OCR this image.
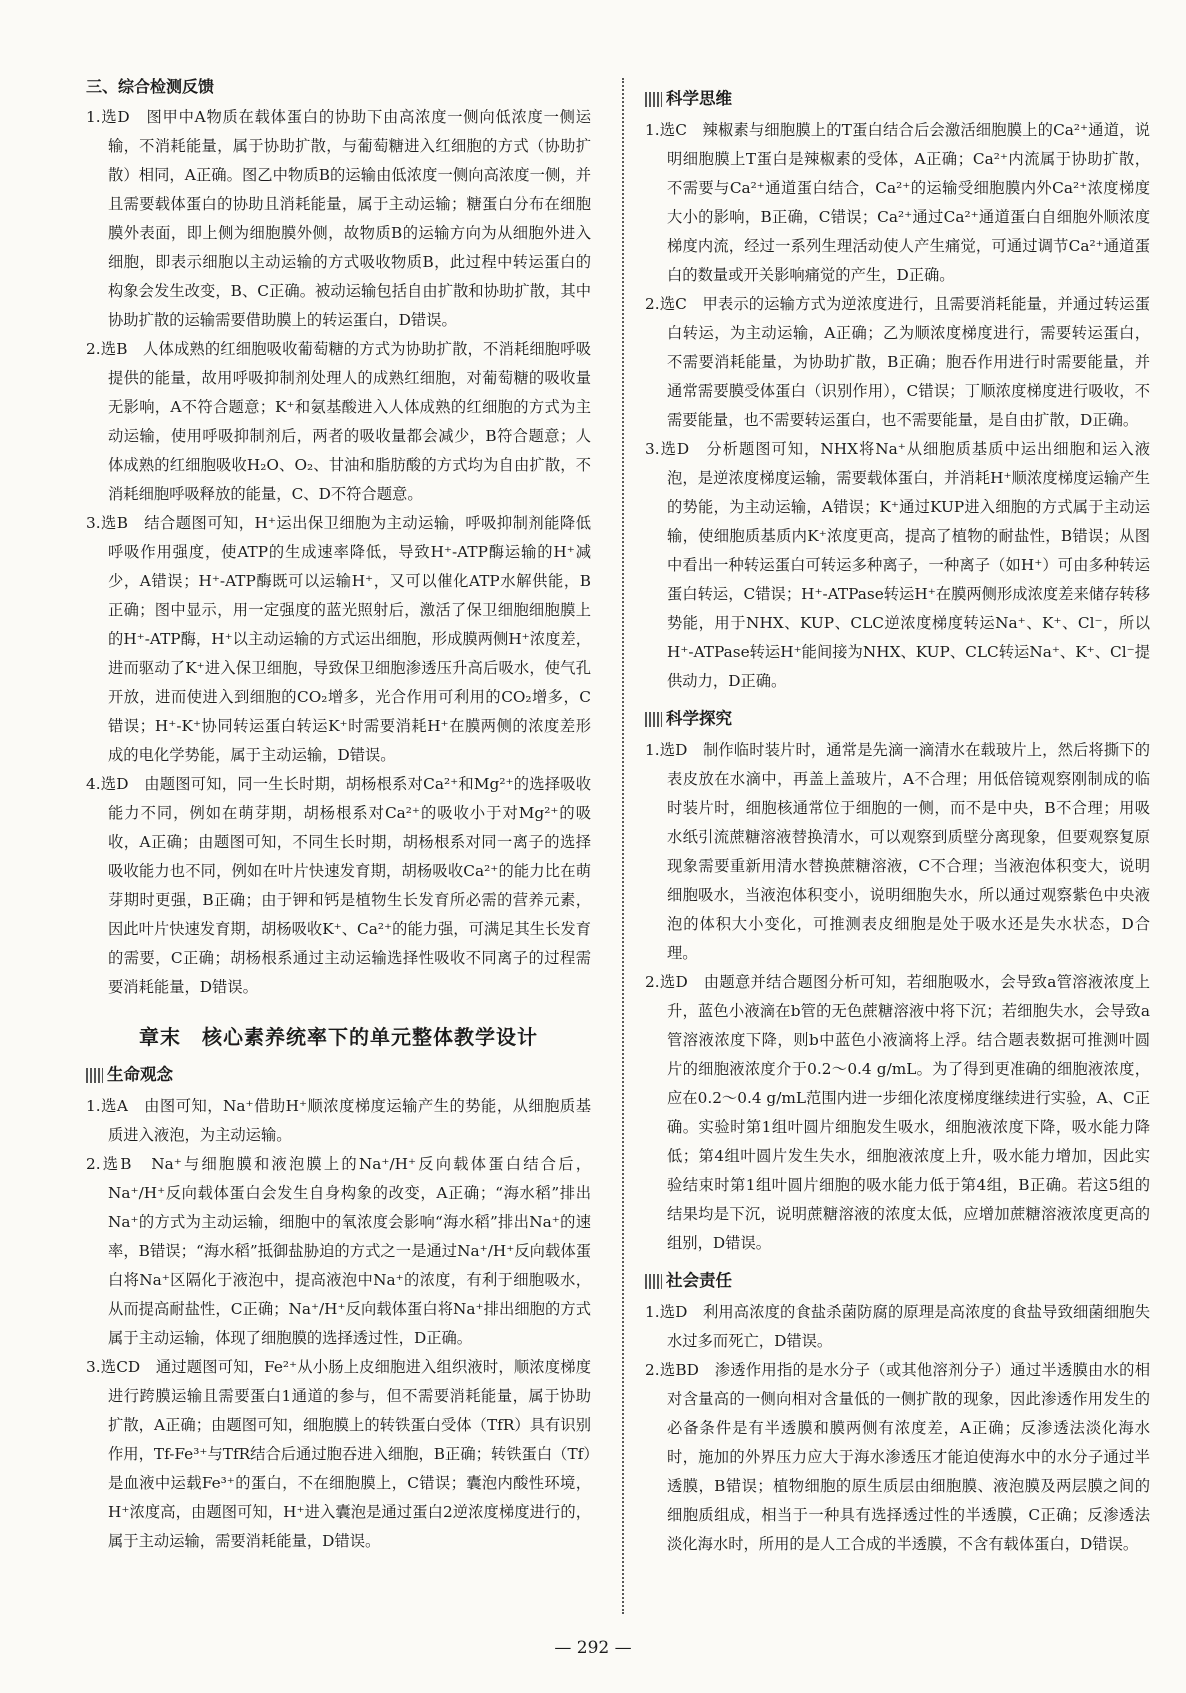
三、综合检测反馈

1.选D　图甲中A物质在载体蛋白的协助下由高浓度一侧向低浓度一侧运输，不消耗能量，属于协助扩散，与葡萄糖进入红细胞的方式（协助扩散）相同，A正确。图乙中物质B的运输由低浓度一侧向高浓度一侧，并且需要载体蛋白的协助且消耗能量，属于主动运输；糖蛋白分布在细胞膜外表面，即上侧为细胞膜外侧，故物质B的运输方向为从细胞外进入细胞，即表示细胞以主动运输的方式吸收物质B，此过程中转运蛋白的构象会发生改变，B、C正确。被动运输包括自由扩散和协助扩散，其中协助扩散的运输需要借助膜上的转运蛋白，D错误。

2.选B　人体成熟的红细胞吸收葡萄糖的方式为协助扩散，不消耗细胞呼吸提供的能量，故用呼吸抑制剂处理人的成熟红细胞，对葡萄糖的吸收量无影响，A不符合题意；K⁺和氨基酸进入人体成熟的红细胞的方式为主动运输，使用呼吸抑制剂后，两者的吸收量都会减少，B符合题意；人体成熟的红细胞吸收H₂O、O₂、甘油和脂肪酸的方式均为自由扩散，不消耗细胞呼吸释放的能量，C、D不符合题意。

3.选B　结合题图可知，H⁺运出保卫细胞为主动运输，呼吸抑制剂能降低呼吸作用强度，使ATP的生成速率降低，导致H⁺-ATP酶运输的H⁺减少，A错误；H⁺-ATP酶既可以运输H⁺，又可以催化ATP水解供能，B正确；图中显示，用一定强度的蓝光照射后，激活了保卫细胞细胞膜上的H⁺-ATP酶，H⁺以主动运输的方式运出细胞，形成膜两侧H⁺浓度差，进而驱动了K⁺进入保卫细胞，导致保卫细胞渗透压升高后吸水，使气孔开放，进而使进入到细胞的CO₂增多，光合作用可利用的CO₂增多，C错误；H⁺-K⁺协同转运蛋白转运K⁺时需要消耗H⁺在膜两侧的浓度差形成的电化学势能，属于主动运输，D错误。

4.选D　由题图可知，同一生长时期，胡杨根系对Ca²⁺和Mg²⁺的选择吸收能力不同，例如在萌芽期，胡杨根系对Ca²⁺的吸收小于对Mg²⁺的吸收，A正确；由题图可知，不同生长时期，胡杨根系对同一离子的选择吸收能力也不同，例如在叶片快速发育期，胡杨吸收Ca²⁺的能力比在萌芽期时更强，B正确；由于钾和钙是植物生长发育所必需的营养元素，因此叶片快速发育期，胡杨吸收K⁺、Ca²⁺的能力强，可满足其生长发育的需要，C正确；胡杨根系通过主动运输选择性吸收不同离子的过程需要消耗能量，D错误。

章末　核心素养统率下的单元整体教学设计
生命观念

1.选A　由图可知，Na⁺借助H⁺顺浓度梯度运输产生的势能，从细胞质基质进入液泡，为主动运输。

2.选B　Na⁺与细胞膜和液泡膜上的Na⁺/H⁺反向载体蛋白结合后，Na⁺/H⁺反向载体蛋白会发生自身构象的改变，A正确；“海水稻”排出Na⁺的方式为主动运输，细胞中的氧浓度会影响“海水稻”排出Na⁺的速率，B错误；“海水稻”抵御盐胁迫的方式之一是通过Na⁺/H⁺反向载体蛋白将Na⁺区隔化于液泡中，提高液泡中Na⁺的浓度，有利于细胞吸水，从而提高耐盐性，C正确；Na⁺/H⁺反向载体蛋白将Na⁺排出细胞的方式属于主动运输，体现了细胞膜的选择透过性，D正确。

3.选CD　通过题图可知，Fe²⁺从小肠上皮细胞进入组织液时，顺浓度梯度进行跨膜运输且需要蛋白1通道的参与，但不需要消耗能量，属于协助扩散，A正确；由题图可知，细胞膜上的转铁蛋白受体（TfR）具有识别作用，Tf-Fe³⁺与TfR结合后通过胞吞进入细胞，B正确；转铁蛋白（Tf）是血液中运载Fe³⁺的蛋白，不在细胞膜上，C错误；囊泡内酸性环境，H⁺浓度高，由题图可知，H⁺进入囊泡是通过蛋白2逆浓度梯度进行的，属于主动运输，需要消耗能量，D错误。

科学思维

1.选C　辣椒素与细胞膜上的T蛋白结合后会激活细胞膜上的Ca²⁺通道，说明细胞膜上T蛋白是辣椒素的受体，A正确；Ca²⁺内流属于协助扩散，不需要与Ca²⁺通道蛋白结合，Ca²⁺的运输受细胞膜内外Ca²⁺浓度梯度大小的影响，B正确，C错误；Ca²⁺通过Ca²⁺通道蛋白自细胞外顺浓度梯度内流，经过一系列生理活动使人产生痛觉，可通过调节Ca²⁺通道蛋白的数量或开关影响痛觉的产生，D正确。

2.选C　甲表示的运输方式为逆浓度进行，且需要消耗能量，并通过转运蛋白转运，为主动运输，A正确；乙为顺浓度梯度进行，需要转运蛋白，不需要消耗能量，为协助扩散，B正确；胞吞作用进行时需要能量，并通常需要膜受体蛋白（识别作用），C错误；丁顺浓度梯度进行吸收，不需要能量，也不需要转运蛋白，也不需要能量，是自由扩散，D正确。

3.选D　分析题图可知，NHX将Na⁺从细胞质基质中运出细胞和运入液泡，是逆浓度梯度运输，需要载体蛋白，并消耗H⁺顺浓度梯度运输产生的势能，为主动运输，A错误；K⁺通过KUP进入细胞的方式属于主动运输，使细胞质基质内K⁺浓度更高，提高了植物的耐盐性，B错误；从图中看出一种转运蛋白可转运多种离子，一种离子（如H⁺）可由多种转运蛋白转运，C错误；H⁺-ATPase转运H⁺在膜两侧形成浓度差来储存转移势能，用于NHX、KUP、CLC逆浓度梯度转运Na⁺、K⁺、Cl⁻，所以H⁺-ATPase转运H⁺能间接为NHX、KUP、CLC转运Na⁺、K⁺、Cl⁻提供动力，D正确。

科学探究

1.选D　制作临时装片时，通常是先滴一滴清水在载玻片上，然后将撕下的表皮放在水滴中，再盖上盖玻片，A不合理；用低倍镜观察刚制成的临时装片时，细胞核通常位于细胞的一侧，而不是中央，B不合理；用吸水纸引流蔗糖溶液替换清水，可以观察到质壁分离现象，但要观察复原现象需要重新用清水替换蔗糖溶液，C不合理；当液泡体积变大，说明细胞吸水，当液泡体积变小，说明细胞失水，所以通过观察紫色中央液泡的体积大小变化，可推测表皮细胞是处于吸水还是失水状态，D合理。

2.选D　由题意并结合题图分析可知，若细胞吸水，会导致a管溶液浓度上升，蓝色小液滴在b管的无色蔗糖溶液中将下沉；若细胞失水，会导致a管溶液浓度下降，则b中蓝色小液滴将上浮。结合题表数据可推测叶圆片的细胞液浓度介于0.2～0.4 g/mL。为了得到更准确的细胞液浓度，应在0.2～0.4 g/mL范围内进一步细化浓度梯度继续进行实验，A、C正确。实验时第1组叶圆片细胞发生吸水，细胞液浓度下降，吸水能力降低；第4组叶圆片发生失水，细胞液浓度上升，吸水能力增加，因此实验结束时第1组叶圆片细胞的吸水能力低于第4组，B正确。若这5组的结果均是下沉，说明蔗糖溶液的浓度太低，应增加蔗糖溶液浓度更高的组别，D错误。

社会责任

1.选D　利用高浓度的食盐杀菌防腐的原理是高浓度的食盐导致细菌细胞失水过多而死亡，D错误。

2.选BD　渗透作用指的是水分子（或其他溶剂分子）通过半透膜由水的相对含量高的一侧向相对含量低的一侧扩散的现象，因此渗透作用发生的必备条件是有半透膜和膜两侧有浓度差，A正确；反渗透法淡化海水时，施加的外界压力应大于海水渗透压才能迫使海水中的水分子通过半透膜，B错误；植物细胞的原生质层由细胞膜、液泡膜及两层膜之间的细胞质组成，相当于一种具有选择透过性的半透膜，C正确；反渗透法淡化海水时，所用的是人工合成的半透膜，不含有载体蛋白，D错误。

— 292 —
